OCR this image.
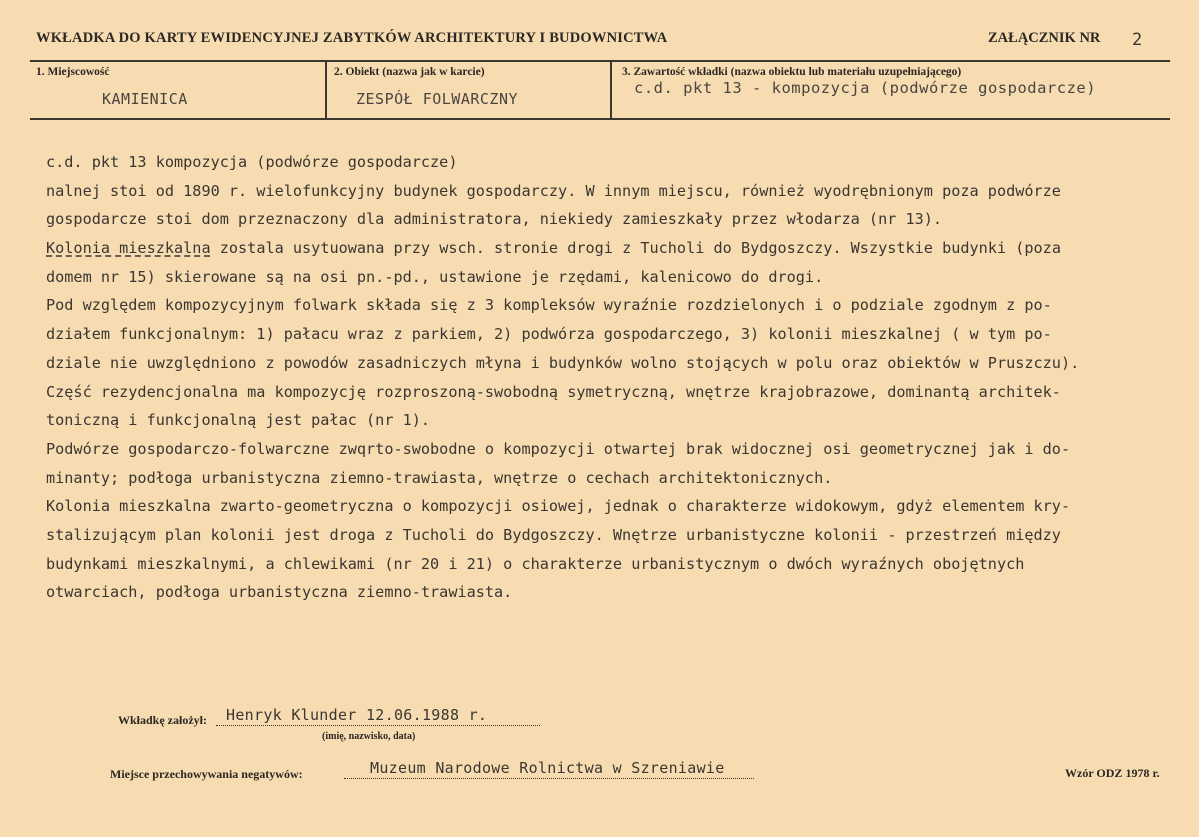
WKŁADKA DO KARTY EWIDENCYJNEJ ZABYTKÓW ARCHITEKTURY I BUDOWNICTWA	ZAŁĄCZNIK NR 2
1. Miejscowość
KAMIENICA
2. Obiekt (nazwa jak w karcie)
ZESPÓŁ FOLWARCZNY
3. Zawartość wkładki (nazwa obiektu lub materiału uzupełniającego)
c.d. pkt 13 - kompozycja (podwórze gospodarcze)
c.d. pkt 13 kompozycja (podwórze gospodarcze)
nalnej stoi od 1890 r. wielofunkcyjny budynek gospodarczy. W innym miejscu, również wyodrębnionym poza podwórze
gospodarcze stoi dom przeznaczony dla administratora, niekiedy zamieszkały przez włodarza (nr 13).
Kolonia mieszkalna zostala usytuowana przy wsch. stronie drogi z Tucholi do Bydgoszczy. Wszystkie budynki (poza
domem nr 15) skierowane są na osi pn.-pd., ustawione je rzędami, kalenicowo do drogi.
Pod względem kompozycyjnym folwark składa się z 3 kompleksów wyraźnie rozdzielonych i o podziale zgodnym z po-
działem funkcjonalnym: 1) pałacu wraz z parkiem, 2) podwórza gospodarczego, 3) kolonii mieszkalnej ( w tym po-
dziale nie uwzględniono z powodów zasadniczych młyna i budynków wolno stojących w polu oraz obiektów w Pruszczu).
Część rezydencjonalna ma kompozycję rozproszoną-swobodną symetryczną, wnętrze krajobrazowe, dominantą architek-
toniczną i funkcjonalną jest pałac (nr 1).
Podwórze gospodarczo-folwarczne zwqrto-swobodne o kompozycji otwartej brak widocznej osi geometrycznej jak i do-
minanty; podłoga urbanistyczna ziemno-trawiasta, wnętrze o cechach architektonicznych.
Kolonia mieszkalna zwarto-geometryczna o kompozycji osiowej, jednak o charakterze widokowym, gdyż elementem kry-
stalizującym plan kolonii jest droga z Tucholi do Bydgoszczy. Wnętrze urbanistyczne kolonii - przestrzeń między
budynkami mieszkalnymi, a chlewikami (nr 20 i 21) o charakterze urbanistycznym o dwóch wyraźnych obojętnych
otwarciach, podłoga urbanistyczna ziemno-trawiasta.
Wkładkę założył: Henryk Klunder 12.06.1988 r.
(imię, nazwisko, data)
Miejsce przechowywania negatywów:	Muzeum Narodowe Rolnictwa w Szreniawie	Wzór ODZ 1978 r.
